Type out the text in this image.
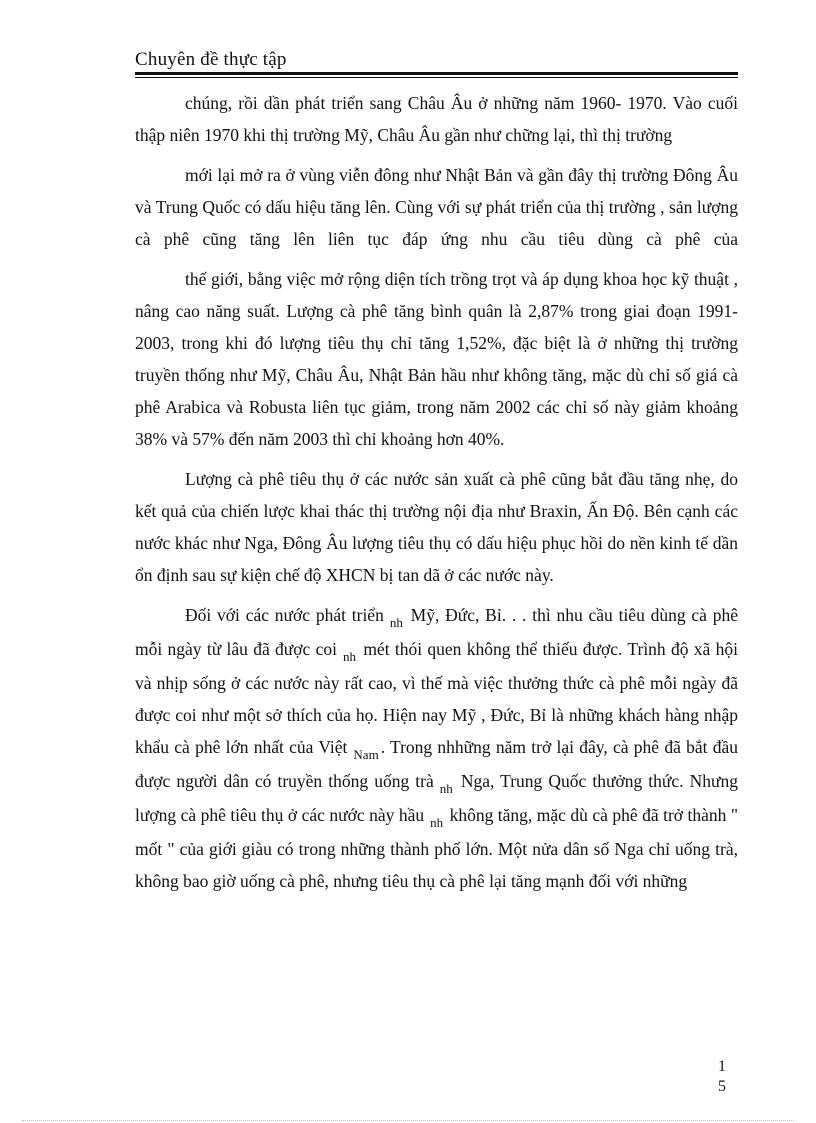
Chuyên đề thực tập

chúng, rồi dần phát triển sang Châu Âu ở những năm 1960- 1970. Vào cuối thập niên 1970 khi thị trường Mỹ, Châu Âu gần như chững lại, thì thị trường

mới lại mở ra ở vùng viễn đông như Nhật Bản và gần đây thị trường Đông Âu và Trung Quốc có dấu hiệu tăng lên. Cùng với sự phát triển của thị trường , sản lượng cà phê cũng tăng lên liên tục đáp ứng nhu cầu tiêu dùng cà phê của

thế giới, bằng việc mở rộng diện tích trồng trọt và áp dụng khoa học kỹ thuật , nâng cao năng suất. Lượng cà phê tăng bình quân là 2,87% trong giai đoạn 1991- 2003, trong khi đó lượng tiêu thụ chỉ tăng 1,52%, đặc biệt là ở những thị trường truyền thống như Mỹ, Châu Âu, Nhật Bản hầu như không tăng, mặc dù chỉ số giá cà phê Arabica và Robusta liên tục giảm, trong năm 2002 các chỉ số này giảm khoảng 38% và 57% đến năm 2003 thì chỉ khoảng hơn 40%.

Lượng cà phê tiêu thụ ở các nước sản xuất cà phê cũng bắt đầu tăng nhẹ, do kết quả của chiến lược khai thác thị trường nội địa như Braxin, Ấn Độ. Bên cạnh các nước khác như Nga, Đông Âu lượng tiêu thụ có dấu hiệu phục hồi do nền kinh tế dần ổn định sau sự kiện chế độ XHCN bị tan dã ở các nước này.

Đối với các nước phát triển $_{nh}$ Mỹ, Đức, Bỉ. . . thì nhu cầu tiêu dùng cà phê mỗi ngày từ lâu đã được coi $_{nh}$ mét thói quen không thể thiếu được. Trình độ xã hội và nhịp sống ở các nước này rất cao, vì thế mà việc thưởng thức cà phê mỗi ngày đã được coi như một sở thích của họ. Hiện nay Mỹ , Đức, Bỉ là những khách hàng nhập khẩu cà phê lớn nhất của Việt $_{Nam}$ . Trong nhhững năm trở lại đây, cà phê đã bắt đầu được người dân có truyền thống uống trà $_{nh}$ Nga, Trung Quốc thưởng thức. Nhưng lượng cà phê tiêu thụ ở các nước này hầu $_{nh}$ không tăng, mặc dù cà phê đã trở thành " mốt " của giới giàu có trong những thành phố lớn. Một nửa dân số Nga chỉ uống trà, không bao giờ uống cà phê, nhưng tiêu thụ cà phê lại tăng mạnh đối với những

1
5
